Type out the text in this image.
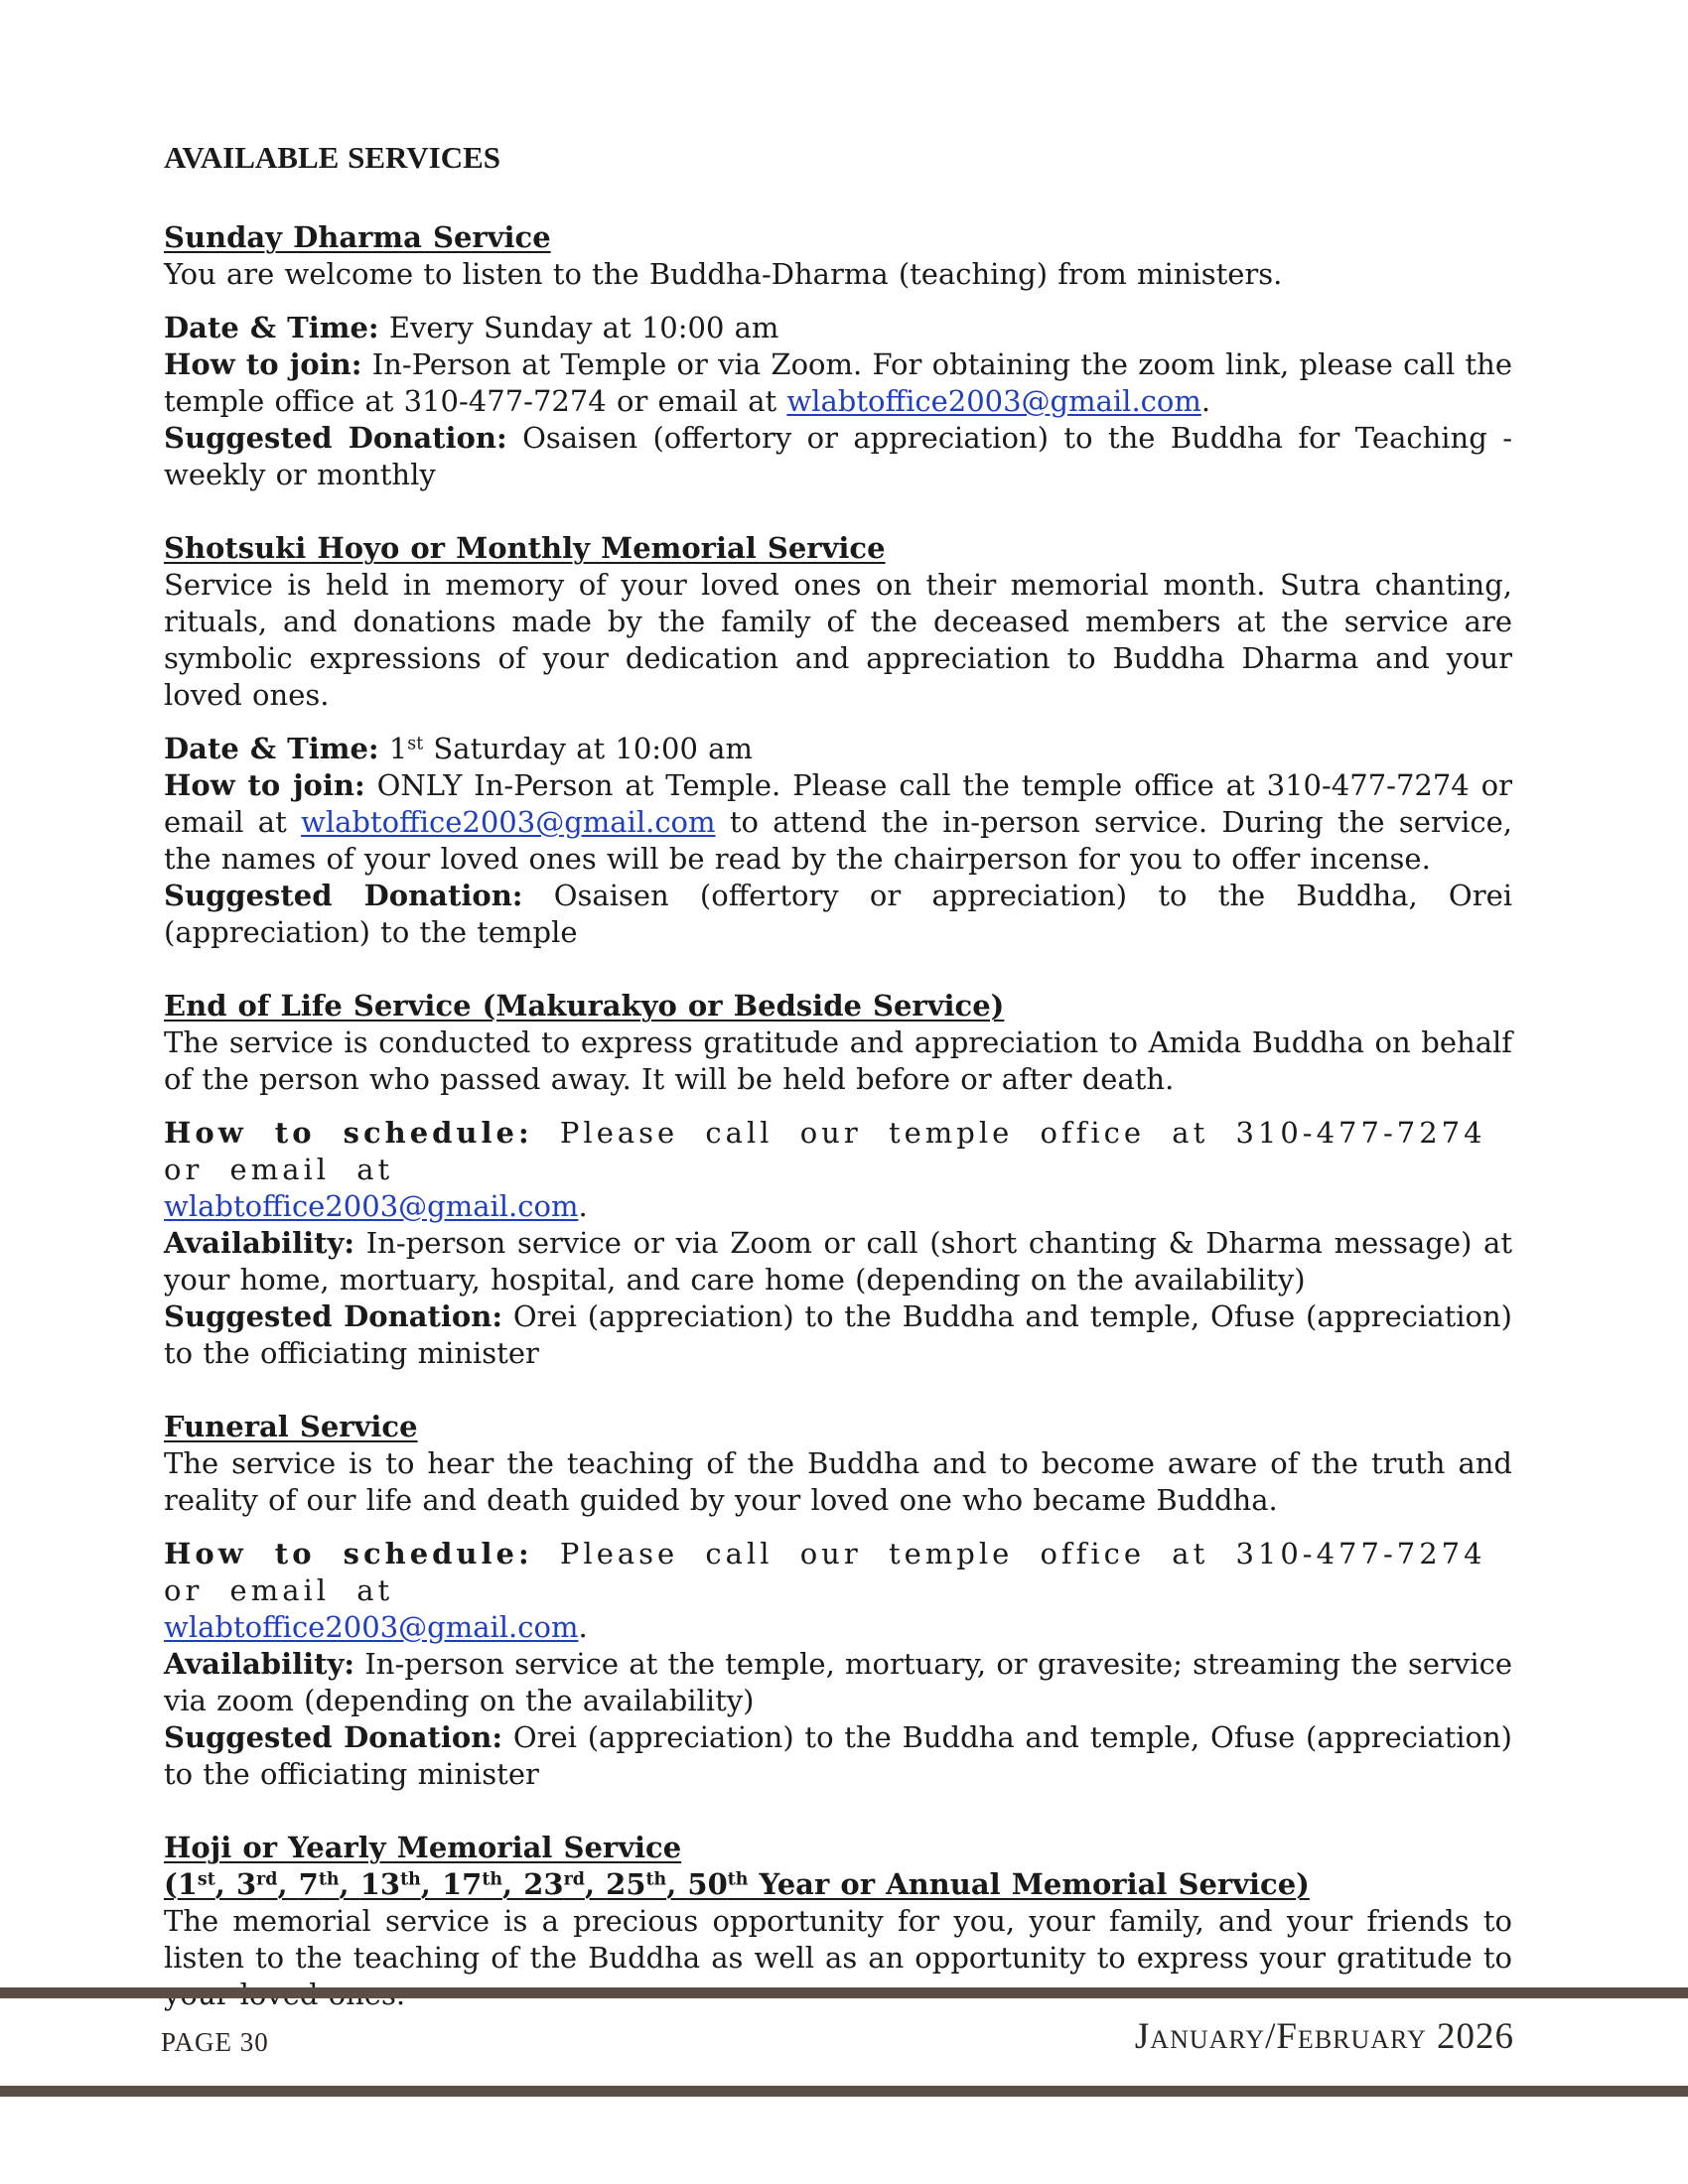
AVAILABLE SERVICES
Sunday Dharma Service

You are welcome to listen to the Buddha-Dharma (teaching) from ministers.

Date & Time: Every Sunday at 10:00 am

How to join: In-Person at Temple or via Zoom. For obtaining the zoom link, please call the temple office at 310-477-7274 or email at wlabtoffice2003@gmail.com.

Suggested Donation: Osaisen (offertory or appreciation) to the Buddha for Teaching - weekly or monthly

Shotsuki Hoyo or Monthly Memorial Service

Service is held in memory of your loved ones on their memorial month. Sutra chanting, rituals, and donations made by the family of the deceased members at the service are symbolic expressions of your dedication and appreciation to Buddha Dharma and your loved ones.

Date & Time: 1st Saturday at 10:00 am

How to join: ONLY In-Person at Temple. Please call the temple office at 310-477-7274 or email at wlabtoffice2003@gmail.com to attend the in-person service. During the service, the names of your loved ones will be read by the chairperson for you to offer incense.

Suggested Donation: Osaisen (offertory or appreciation) to the Buddha, Orei (appreciation) to the temple

End of Life Service (Makurakyo or Bedside Service)

The service is conducted to express gratitude and appreciation to Amida Buddha on behalf of the person who passed away. It will be held before or after death.

How to schedule: Please call our temple office at 310-477-7274 or email at

wlabtoffice2003@gmail.com.

Availability: In-person service or via Zoom or call (short chanting & Dharma message) at your home, mortuary, hospital, and care home (depending on the availability)

Suggested Donation: Orei (appreciation) to the Buddha and temple, Ofuse (appreciation) to the officiating minister

Funeral Service

The service is to hear the teaching of the Buddha and to become aware of the truth and reality of our life and death guided by your loved one who became Buddha.

How to schedule: Please call our temple office at 310-477-7274 or email at

wlabtoffice2003@gmail.com.

Availability: In-person service at the temple, mortuary, or gravesite; streaming the service via zoom (depending on the availability)

Suggested Donation: Orei (appreciation) to the Buddha and temple, Ofuse (appreciation) to the officiating minister

Hoji or Yearly Memorial Service
(1st, 3rd, 7th, 13th, 17th, 23rd, 25th, 50th Year or Annual Memorial Service)

The memorial service is a precious opportunity for you, your family, and your friends to listen to the teaching of the Buddha as well as an opportunity to express your gratitude to

PAGE 30	January/February 2026
